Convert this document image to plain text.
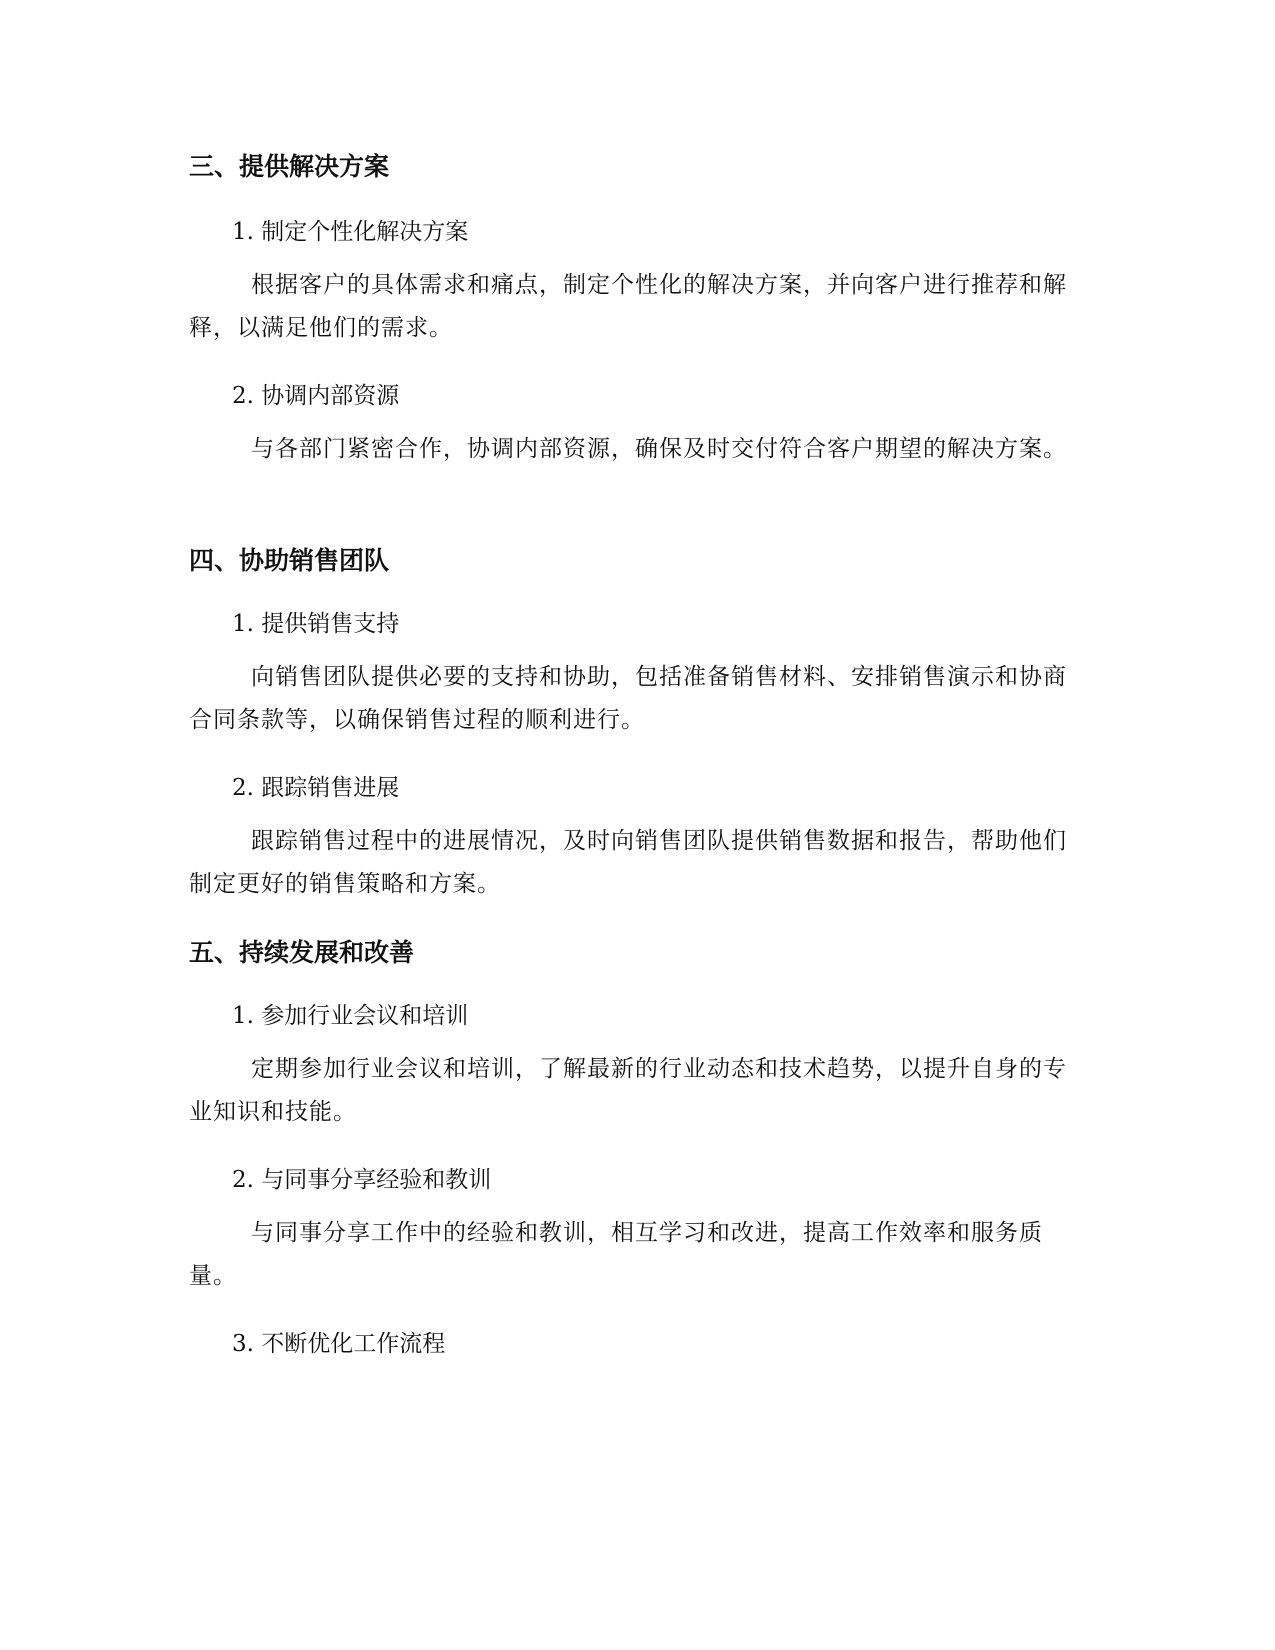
三、提供解决方案
1. 制定个性化解决方案

根据客户的具体需求和痛点，制定个性化的解决方案，并向客户进行推荐和解释，以满足他们的需求。

2. 协调内部资源

与各部门紧密合作，协调内部资源，确保及时交付符合客户期望的解决方案。

四、协助销售团队
1. 提供销售支持

向销售团队提供必要的支持和协助，包括准备销售材料、安排销售演示和协商合同条款等，以确保销售过程的顺利进行。

2. 跟踪销售进展

跟踪销售过程中的进展情况，及时向销售团队提供销售数据和报告，帮助他们制定更好的销售策略和方案。

五、持续发展和改善
1. 参加行业会议和培训

定期参加行业会议和培训，了解最新的行业动态和技术趋势，以提升自身的专业知识和技能。

2. 与同事分享经验和教训

与同事分享工作中的经验和教训，相互学习和改进，提高工作效率和服务质量。

3. 不断优化工作流程
